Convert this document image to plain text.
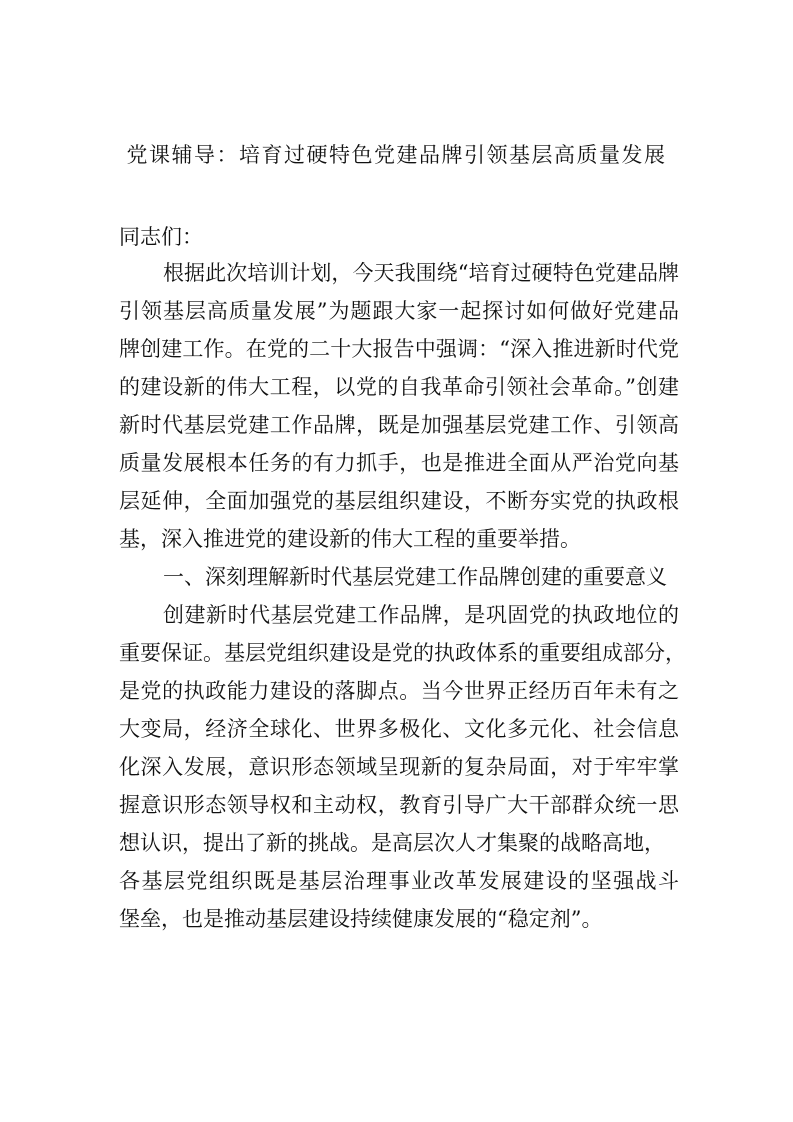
党课辅导：培育过硬特色党建品牌引领基层高质量发展
同志们：
根据此次培训计划，今天我围绕“培育过硬特色党建品牌
引领基层高质量发展”为题跟大家一起探讨如何做好党建品
牌创建工作。在党的二十大报告中强调：“深入推进新时代党
的建设新的伟大工程，以党的自我革命引领社会革命。”创建
新时代基层党建工作品牌，既是加强基层党建工作、引领高
质量发展根本任务的有力抓手，也是推进全面从严治党向基
层延伸，全面加强党的基层组织建设，不断夯实党的执政根
基，深入推进党的建设新的伟大工程的重要举措。
一、深刻理解新时代基层党建工作品牌创建的重要意义
创建新时代基层党建工作品牌，是巩固党的执政地位的
重要保证。基层党组织建设是党的执政体系的重要组成部分，
是党的执政能力建设的落脚点。当今世界正经历百年未有之
大变局，经济全球化、世界多极化、文化多元化、社会信息
化深入发展，意识形态领域呈现新的复杂局面，对于牢牢掌
握意识形态领导权和主动权，教育引导广大干部群众统一思
想认识，提出了新的挑战。是高层次人才集聚的战略高地，
各基层党组织既是基层治理事业改革发展建设的坚强战斗
堡垒，也是推动基层建设持续健康发展的“稳定剂”。
